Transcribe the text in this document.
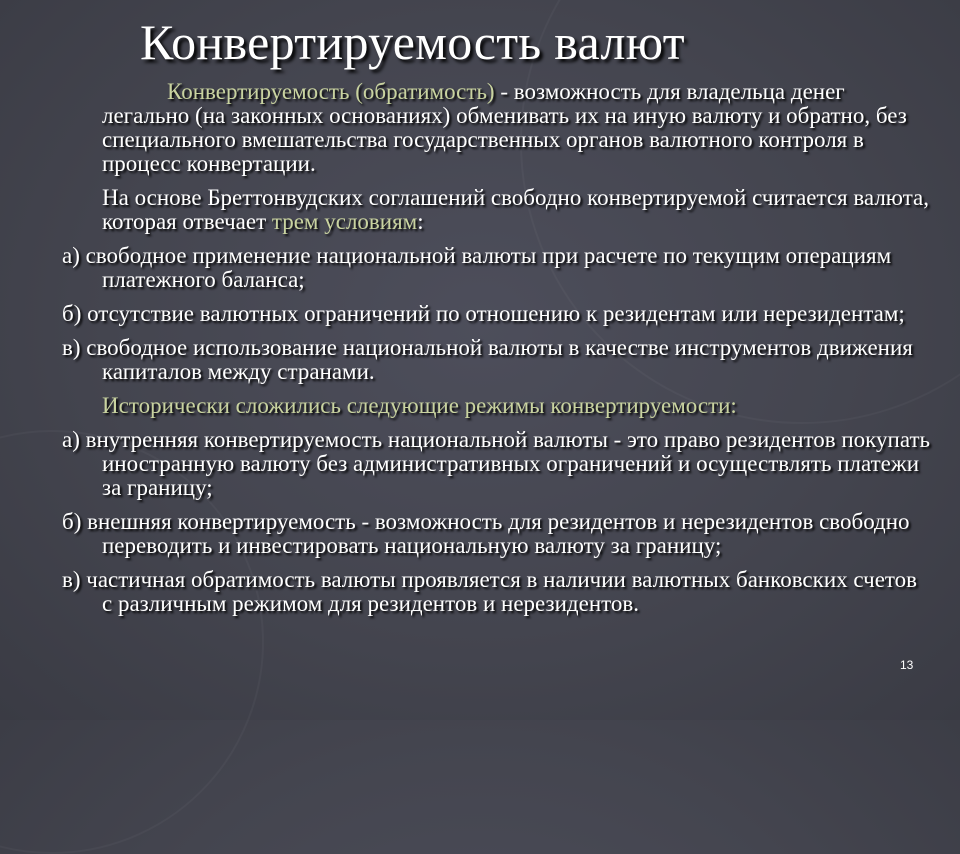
Конвертируемость валют
Конвертируемость (обратимость) - возможность для владельца денег легально (на законных основаниях) обменивать их на иную валюту и обратно, без специального вмешательства государственных органов валютного контроля в процесс конвертации.
На основе Бреттонвудских соглашений свободно конвертируемой считается валюта, которая отвечает трем условиям:
а) свободное применение национальной валюты при расчете по текущим операциям платежного баланса;
б) отсутствие валютных ограничений по отношению к резидентам или нерезидентам;
в) свободное использование национальной валюты в качестве инструментов движения капиталов между странами.
Исторически сложились следующие режимы конвертируемости:
а) внутренняя конвертируемость национальной валюты - это право резидентов покупать иностранную валюту без административных ограничений и осуществлять платежи за границу;
б) внешняя конвертируемость - возможность для резидентов и нерезидентов свободно переводить и инвестировать национальную валюту за границу;
в) частичная обратимость валюты проявляется в наличии валютных банковских счетов с различным режимом для резидентов и нерезидентов.
13
